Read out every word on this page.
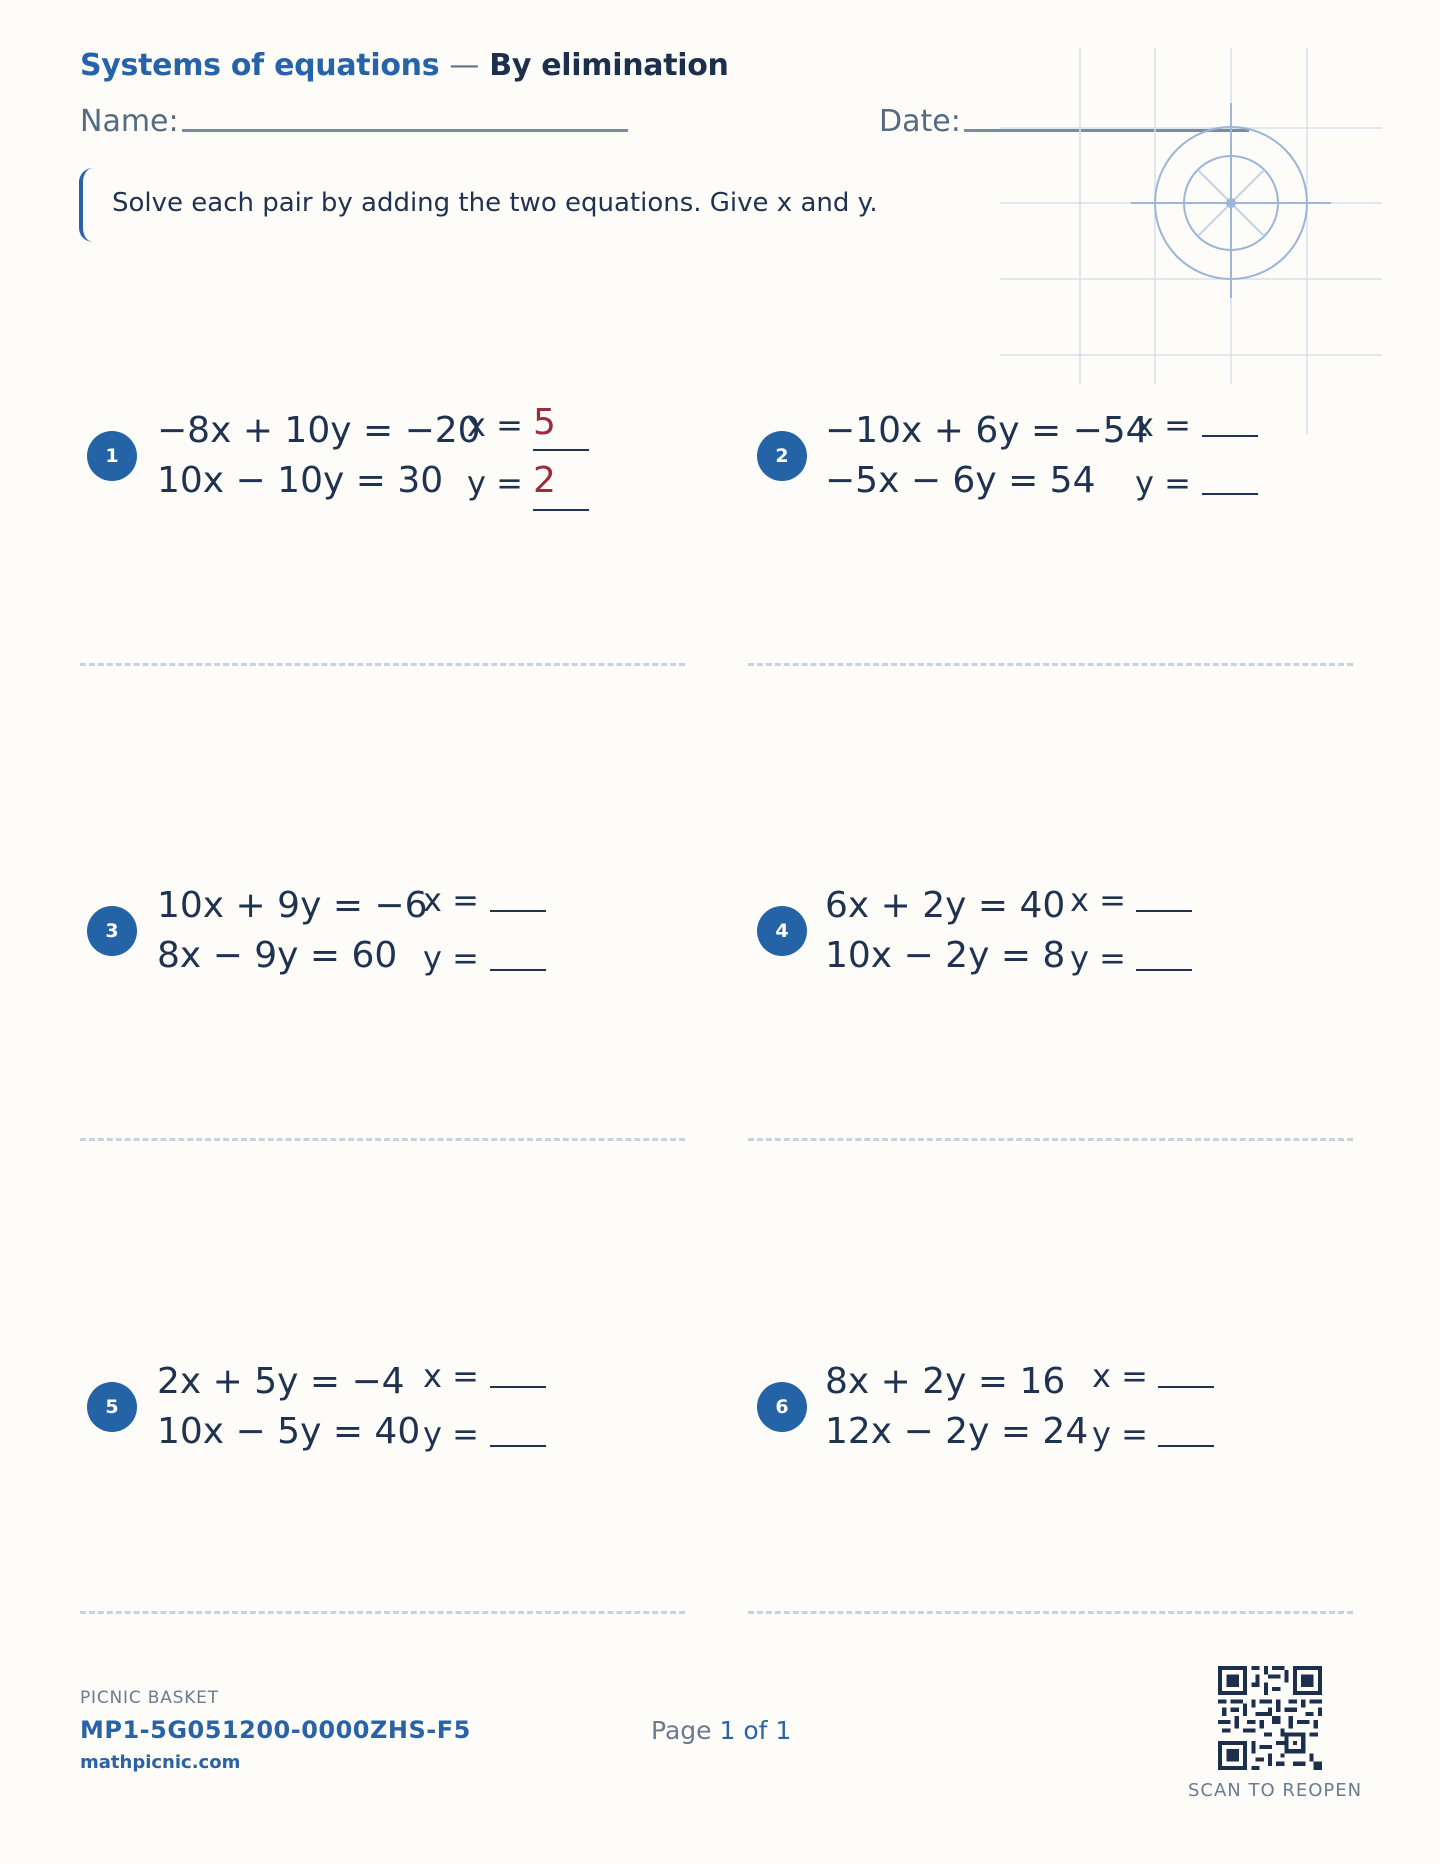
Systems of equations — By elimination
Name:	Date:
Solve each pair by adding the two equations. Give x and y.
1
−8x + 10y = −20
10x − 10y = 30
x =
y =
5
2
2
−10x + 6y = −54
−5x − 6y = 54
x =
y =
3
10x + 9y = −6
8x − 9y = 60
x =
y =
4
6x + 2y = 40
10x − 2y = 8
x =
y =
5
2x + 5y = −4
10x − 5y = 40
x =
y =
6
8x + 2y = 16
12x − 2y = 24
x =
y =
PICNIC BASKET
MP1-5G051200-0000ZHS-F5
mathpicnic.com
Page 1 of 1
SCAN TO REOPEN
